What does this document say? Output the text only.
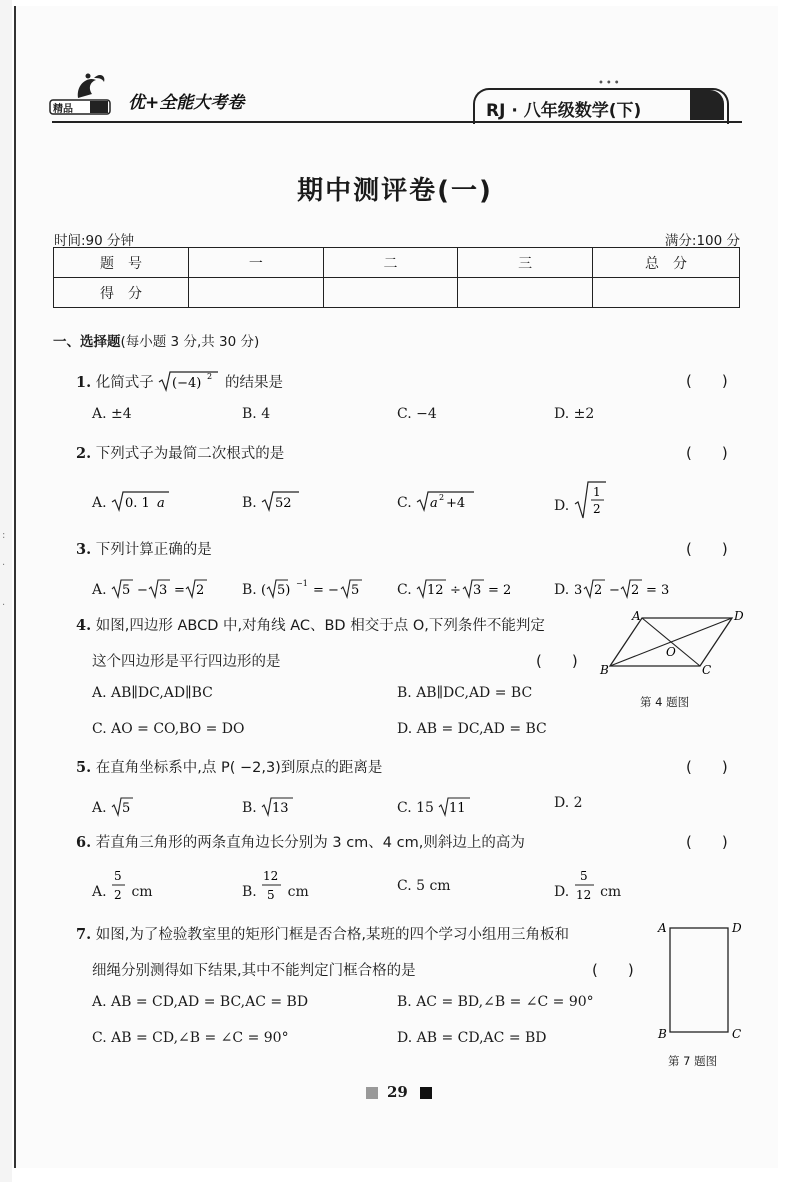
:
·
·
精品	优+全能大考卷
•••
RJ · 八年级数学(下)
期中测评卷(一)
时间:90 分钟	满分:100 分
题　号	一	二	三	总　分
得　分				
一、选择题(每小题 3 分,共 30 分)
1. 化简式子 (−4) 2 的结果是	(　　)
A. ±4	B. 4	C. −4	D. ±2
2. 下列式子为最简二次根式的是	(　　)
A. 0. 1 a	B. 52	C. a 2 +4	D.
1
2
3. 下列计算正确的是	(　　)
A. 5 − 3 = 2	B. ( 5) −1 = − 5	C. 12 ÷ 3 = 2	D. 3 2 − 2 = 3
4. 如图,四边形 ABCD 中,对角线 AC、BD 相交于点 O,下列条件不能判定
这个四边形是平行四边形的是	(　　)
A. AB∥DC,AD∥BC	B. AB∥DC,AD = BC
C. AO = CO,BO = DO	D. AB = DC,AD = BC
A	D
O
B	C
第 4 题图
5. 在直角坐标系中,点 P( −2,3)到原点的距离是	(　　)
A. 5	B. 13	C. 15 11	D. 2
6. 若直角三角形的两条直角边长分别为 3 cm、4 cm,则斜边上的高为	(　　)
A.
5
2 cm	B.
12
5 cm	C. 5 cm	D.
5
12 cm
7. 如图,为了检验教室里的矩形门框是否合格,某班的四个学习小组用三角板和
细绳分别测得如下结果,其中不能判定门框合格的是	(　　)
A. AB = CD,AD = BC,AC = BD	B. AC = BD,∠B = ∠C = 90°
C. AB = CD,∠B = ∠C = 90°	D. AB = CD,AC = BD
A	D
B	C
第 7 题图
29
